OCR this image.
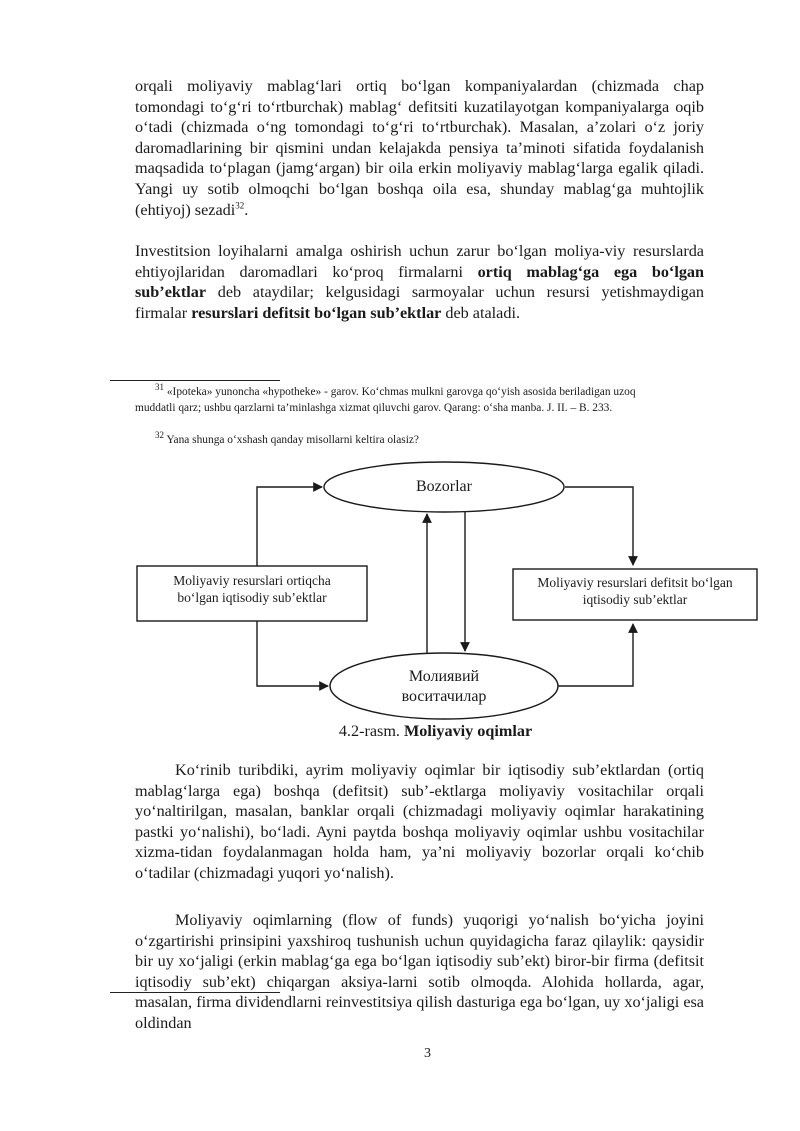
orqali moliyaviy mablag‘lari ortiq bo‘lgan kompaniyalardan (chizmada chap tomondagi to‘g‘ri to‘rtburchak) mablag‘ defitsiti kuzatilayotgan kompaniyalarga oqib o‘tadi (chizmada o‘ng tomondagi to‘g‘ri to‘rtburchak). Masalan, a’zolari o‘z joriy daromadlarining bir qismini undan kelajakda pensiya ta’minoti sifatida foydalanish maqsadida to‘plagan (jamg‘argan) bir oila erkin moliyaviy mablag‘larga egalik qiladi. Yangi uy sotib olmoqchi bo‘lgan boshqa oila esa, shunday mablag‘ga muhtojlik (ehtiyoj) sezadi$^{32}$.

Investitsion loyihalarni amalga oshirish uchun zarur bo‘lgan moliya-viy resurslarda ehtiyojlaridan daromadlari ko‘proq firmalarni ortiq mablag‘ga ega bo‘lgan sub’ektlar deb ataydilar; kelgusidagi sarmoyalar uchun resursi yetishmaydigan firmalar resurslari defitsit bo‘lgan sub’ektlar deb ataladi.

$^{31}$ «Ipoteka» yunoncha «hypotheke» - garov. Ko‘chmas mulkni garovga qo‘yish asosida beriladigan uzoq muddatli qarz; ushbu qarzlarni ta’minlashga xizmat qiluvchi garov. Qarang: o‘sha manba. J. II. – B. 233.

$^{32}$ Yana shunga o‘xshash qanday misollarni keltira olasiz?

Bozorlar
Moliyaviy resurslari ortiqcha
bo‘lgan iqtisodiy sub’ektlar
Moliyaviy resurslari defitsit bo‘lgan
iqtisodiy sub’ektlar
Молиявий
воситачилар
4.2-rasm. Moliyaviy oqimlar

Ko‘rinib turibdiki, ayrim moliyaviy oqimlar bir iqtisodiy sub’ektlardan (ortiq mablag‘larga ega) boshqa (defitsit) sub’-ektlarga moliyaviy vositachilar orqali yo‘naltirilgan, masalan, banklar orqali (chizmadagi moliyaviy oqimlar harakatining pastki yo‘nalishi), bo‘ladi. Ayni paytda boshqa moliyaviy oqimlar ushbu vositachilar xizma-tidan foydalanmagan holda ham, ya’ni moliyaviy bozorlar orqali ko‘chib o‘tadilar (chizmadagi yuqori yo‘nalish).

Moliyaviy oqimlarning (flow of funds) yuqorigi yo‘nalish bo‘yicha joyini o‘zgartirishi prinsipini yaxshiroq tushunish uchun quyidagicha faraz qilaylik: qaysidir bir uy xo‘jaligi (erkin mablag‘ga ega bo‘lgan iqtisodiy sub’ekt) biror-bir firma (defitsit iqtisodiy sub’ekt) chiqargan aksiya-larni sotib olmoqda. Alohida hollarda, agar, masalan, firma dividendlarni reinvestitsiya qilish dasturiga ega bo‘lgan, uy xo‘jaligi esa oldindan

3
